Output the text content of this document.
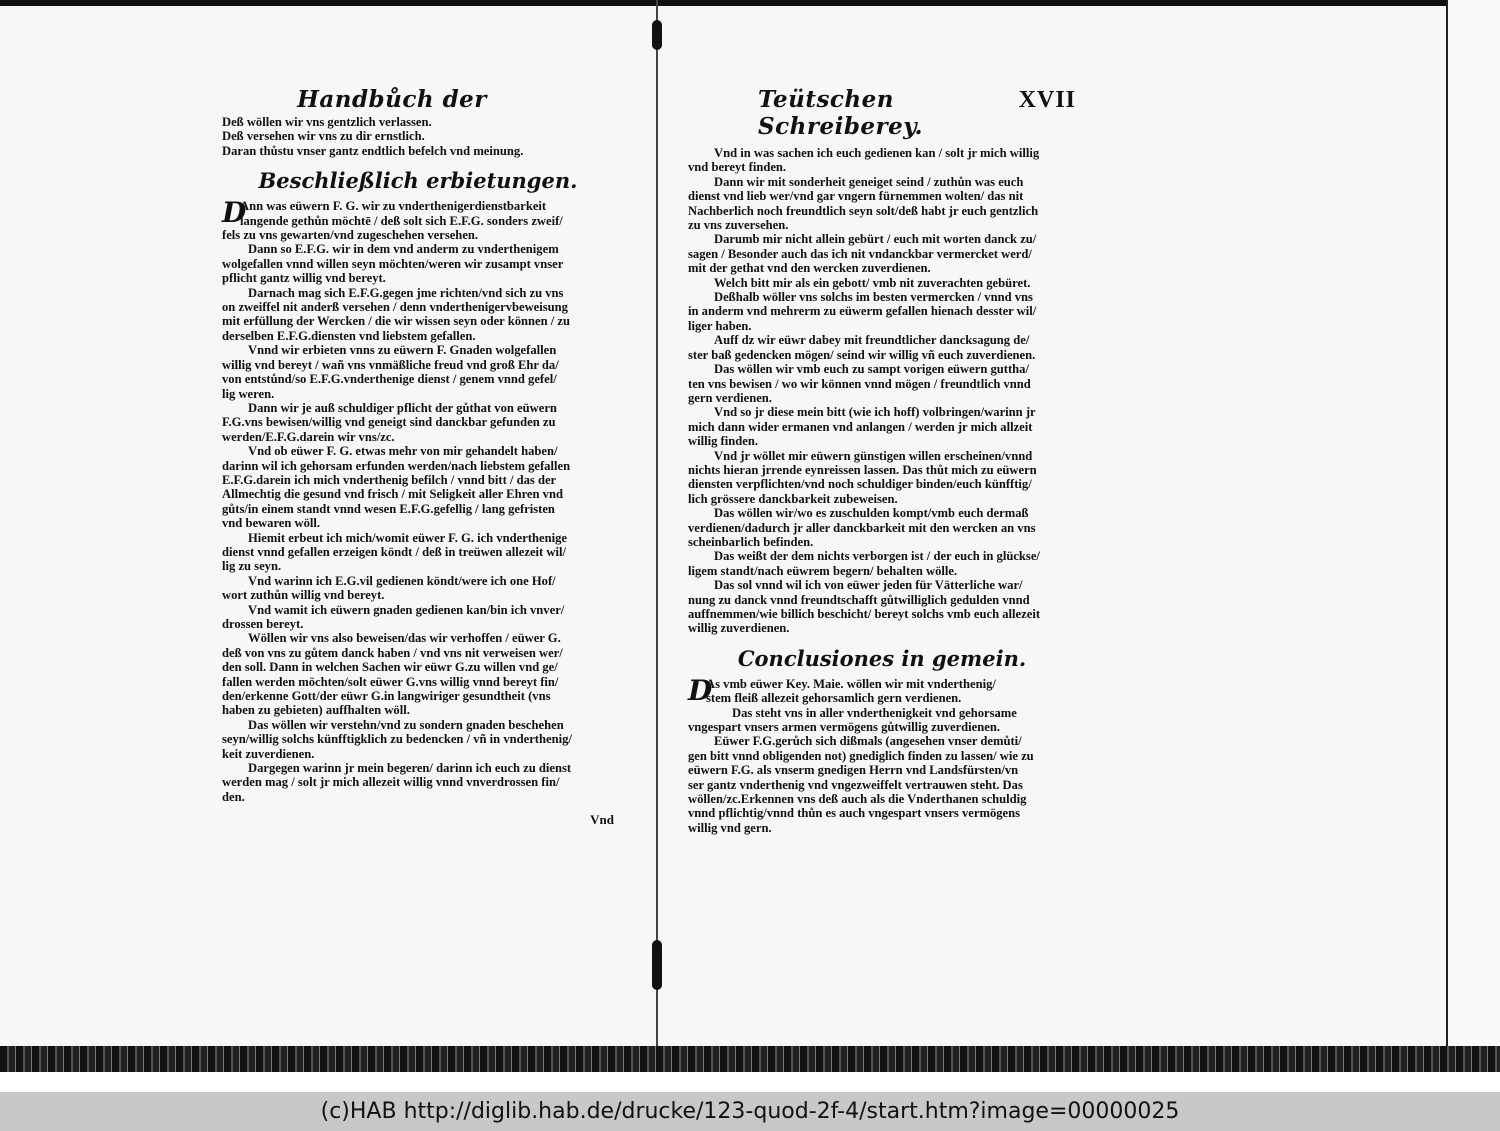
Handbůch der

Deß wöllen wir vns gentzlich verlassen.

Deß versehen wir vns zu dir ernstlich.

Daran thůstu vnser gantz endtlich befelch vnd meinung.

Beschließlich erbietungen.
D

Ann was eüwern F. G. wir zu vnderthenigerdienstbarkeit

langende gethůn möchtē / deß solt sich E.F.G. sonders zweif/

fels zu vns gewarten/vnd zugeschehen versehen.

Dann so E.F.G. wir in dem vnd anderm zu vnderthenigem

wolgefallen vnnd willen seyn möchten/weren wir zusampt vnser

pflicht gantz willig vnd bereyt.

Darnach mag sich E.F.G.gegen jme richten/vnd sich zu vns

on zweiffel nit anderß versehen / denn vnderthenigervbeweisung

mit erfüllung der Wercken / die wir wissen seyn oder können / zu

derselben E.F.G.diensten vnd liebstem gefallen.

Vnnd wir erbieten vnns zu eüwern F. Gnaden wolgefallen

willig vnd bereyt / wañ vns vnmäßliche freud vnd groß Ehr da/

von entstůnd/so E.F.G.vnderthenige dienst / genem vnnd gefel/

lig weren.

Dann wir je auß schuldiger pflicht der gůthat von eüwern

F.G.vns bewisen/willig vnd geneigt sind danckbar gefunden zu

werden/E.F.G.darein wir vns/zc.

Vnd ob eüwer F. G. etwas mehr von mir gehandelt haben/

darinn wil ich gehorsam erfunden werden/nach liebstem gefallen

E.F.G.darein ich mich vnderthenig befilch / vnnd bitt / das der

Allmechtig die gesund vnd frisch / mit Seligkeit aller Ehren vnd

gůts/in einem standt vnnd wesen E.F.G.gefellig / lang gefristen

vnd bewaren wöll.

Hiemit erbeut ich mich/womit eüwer F. G. ich vnderthenige

dienst vnnd gefallen erzeigen köndt / deß in treüwen allezeit wil/

lig zu seyn.

Vnd warinn ich E.G.vil gedienen köndt/were ich one Hof/

wort zuthůn willig vnd bereyt.

Vnd wamit ich eüwern gnaden gedienen kan/bin ich vnver/

drossen bereyt.

Wöllen wir vns also beweisen/das wir verhoffen / eüwer G.

deß von vns zu gůtem danck haben / vnd vns nit verweisen wer/

den soll. Dann in welchen Sachen wir eüwr G.zu willen vnd ge/

fallen werden möchten/solt eüwer G.vns willig vnnd bereyt fin/

den/erkenne Gott/der eüwr G.in langwiriger gesundtheit (vns

haben zu gebieten) auffhalten wöll.

Das wöllen wir verstehn/vnd zu sondern gnaden beschehen

seyn/willig solchs künfftigklich zu bedencken / vñ in vnderthenig/

keit zuverdienen.

Dargegen warinn jr mein begeren/ darinn ich euch zu dienst

werden mag / solt jr mich allezeit willig vnnd vnverdrossen fin/

den.

Vnd
Teütschen Schreiberey.
XVII

Vnd in was sachen ich euch gedienen kan / solt jr mich willig

vnd bereyt finden.

Dann wir mit sonderheit geneiget seind / zuthůn was euch

dienst vnd lieb wer/vnd gar vngern fürnemmen wolten/ das nit

Nachberlich noch freundtlich seyn solt/deß habt jr euch gentzlich

zu vns zuversehen.

Darumb mir nicht allein gebürt / euch mit worten danck zu/

sagen / Besonder auch das ich nit vndanckbar vermercket werd/

mit der gethat vnd den wercken zuverdienen.

Welch bitt mir als ein gebott/ vmb nit zuverachten gebüret.

Deßhalb wöller vns solchs im besten vermercken / vnnd vns

in anderm vnd mehrerm zu eüwerm gefallen hienach desster wil/

liger haben.

Auff dz wir eüwr dabey mit freundtlicher dancksagung de/

ster baß gedencken mögen/ seind wir willig vñ euch zuverdienen.

Das wöllen wir vmb euch zu sampt vorigen eüwern guttha/

ten vns bewisen / wo wir können vnnd mögen / freundtlich vnnd

gern verdienen.

Vnd so jr diese mein bitt (wie ich hoff) volbringen/warinn jr

mich dann wider ermanen vnd anlangen / werden jr mich allzeit

willig finden.

Vnd jr wöllet mir eüwern günstigen willen erscheinen/vnnd

nichts hieran jrrende eynreissen lassen. Das thůt mich zu eüwern

diensten verpflichten/vnd noch schuldiger binden/euch künfftig/

lich grössere danckbarkeit zubeweisen.

Das wöllen wir/wo es zuschulden kompt/vmb euch dermaß

verdienen/dadurch jr aller danckbarkeit mit den wercken an vns

scheinbarlich befinden.

Das weißt der dem nichts verborgen ist / der euch in glückse/

ligem standt/nach eüwrem begern/ behalten wölle.

Das sol vnnd wil ich von eüwer jeden für Vätterliche war/

nung zu danck vnnd freundtschafft gůtwilliglich gedulden vnnd

auffnemmen/wie billich beschicht/ bereyt solchs vmb euch allezeit

willig zuverdienen.

Conclusiones in gemein.
D

As vmb eüwer Key. Maie. wöllen wir mit vnderthenig/

stem fleiß allezeit gehorsamlich gern verdienen.

Das steht vns in aller vnderthenigkeit vnd gehorsame

vngespart vnsers armen vermögens gůtwillig zuverdienen.

Eüwer F.G.gerůch sich dißmals (angesehen vnser demůti/

gen bitt vnnd obligenden not) gnediglich finden zu lassen/ wie zu

eüwern F.G. als vnserm gnedigen Herrn vnd Landsfürsten/vn

ser gantz vnderthenig vnd vngezweiffelt vertrauwen steht. Das

wöllen/zc.Erkennen vns deß auch als die Vnderthanen schuldig

vnnd pflichtig/vnnd thůn es auch vngespart vnsers vermögens

willig vnd gern.

(c)HAB http://diglib.hab.de/drucke/123-quod-2f-4/start.htm?image=00000025
